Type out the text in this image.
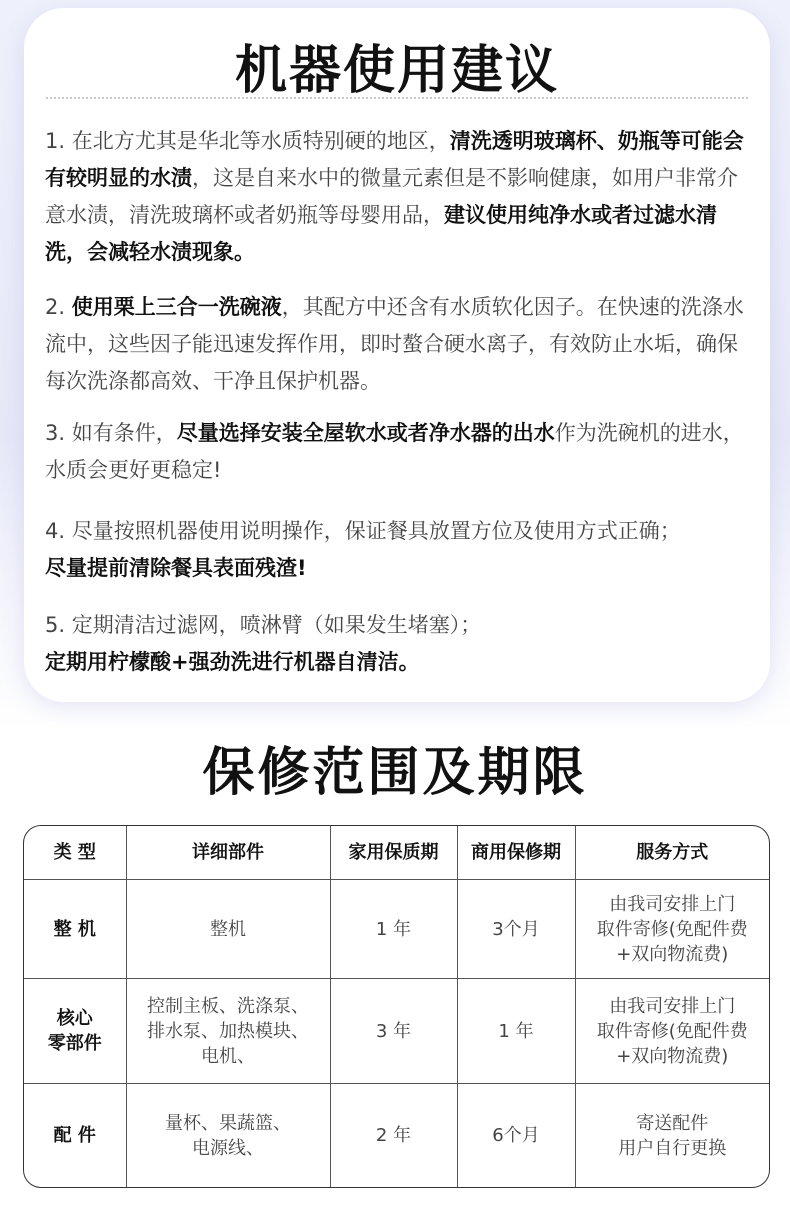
机器使用建议
1. 在北方尤其是华北等水质特别硬的地区，清洗透明玻璃杯、奶瓶等可能会有较明显的水渍，这是自来水中的微量元素但是不影响健康，如用户非常介意水渍，清洗玻璃杯或者奶瓶等母婴用品，建议使用纯净水或者过滤水清洗，会减轻水渍现象。
2. 使用栗上三合一洗碗液，其配方中还含有水质软化因子。在快速的洗涤水流中，这些因子能迅速发挥作用，即时螯合硬水离子，有效防止水垢，确保每次洗涤都高效、干净且保护机器。
3. 如有条件，尽量选择安装全屋软水或者净水器的出水作为洗碗机的进水，水质会更好更稳定!
4. 尽量按照机器使用说明操作，保证餐具放置方位及使用方式正确；
尽量提前清除餐具表面残渣!
5. 定期清洁过滤网，喷淋臂（如果发生堵塞）；
定期用柠檬酸+强劲洗进行机器自清洁。
保修范围及期限
类 型	详细部件	家用保质期	商用保修期	服务方式
整 机	整机	1 年	3个月	由我司安排上门
取件寄修(免配件费
+双向物流费)
核心
零部件	控制主板、洗涤泵、
排水泵、加热模块、
电机、	3 年	1 年	由我司安排上门
取件寄修(免配件费
+双向物流费)
配 件	量杯、果蔬篮、
电源线、	2 年	6个月	寄送配件
用户自行更换
